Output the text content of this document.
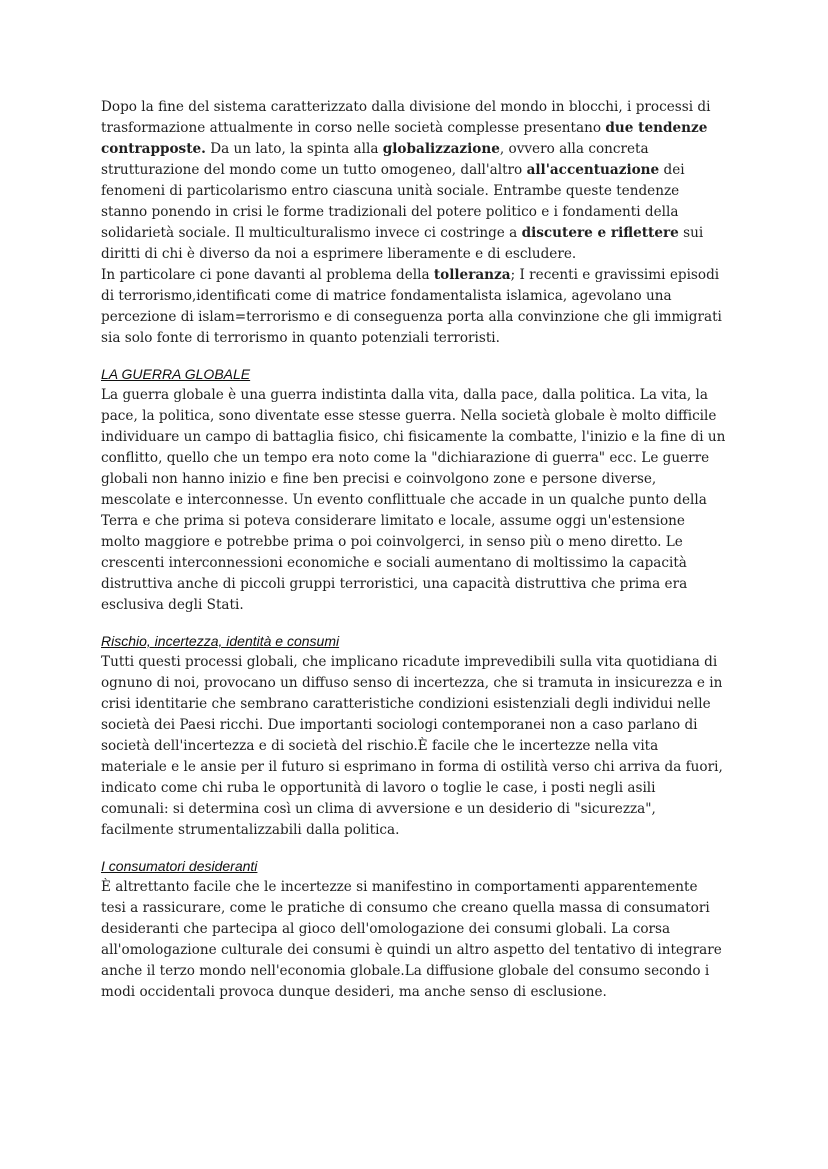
Dopo la fine del sistema caratterizzato dalla divisione del mondo in blocchi, i processi di trasformazione attualmente in corso nelle società complesse presentano due tendenze contrapposte. Da un lato, la spinta alla globalizzazione, ovvero alla concreta strutturazione del mondo come un tutto omogeneo, dall'altro all'accentuazione dei fenomeni di particolarismo entro ciascuna unità sociale. Entrambe queste tendenze stanno ponendo in crisi le forme tradizionali del potere politico e i fondamenti della solidarietà sociale. Il multiculturalismo invece ci costringe a discutere e riflettere sui diritti di chi è diverso da noi a esprimere liberamente e di escludere.

In particolare ci pone davanti al problema della tolleranza; I recenti e gravissimi episodi di terrorismo,identificati come di matrice fondamentalista islamica, agevolano una percezione di islam=terrorismo e di conseguenza porta alla convinzione che gli immigrati sia solo fonte di terrorismo in quanto potenziali terroristi.

LA GUERRA GLOBALE

La guerra globale è una guerra indistinta dalla vita, dalla pace, dalla politica. La vita, la pace, la politica, sono diventate esse stesse guerra. Nella società globale è molto difficile individuare un campo di battaglia fisico, chi fisicamente la combatte, l'inizio e la fine di un conflitto, quello che un tempo era noto come la "dichiarazione di guerra" ecc. Le guerre globali non hanno inizio e fine ben precisi e coinvolgono zone e persone diverse, mescolate e interconnesse. Un evento conflittuale che accade in un qualche punto della Terra e che prima si poteva considerare limitato e locale, assume oggi un'estensione molto maggiore e potrebbe prima o poi coinvolgerci, in senso più o meno diretto. Le crescenti interconnessioni economiche e sociali aumentano di moltissimo la capacità distruttiva anche di piccoli gruppi terroristici, una capacità distruttiva che prima era esclusiva degli Stati.

Rischio, incertezza, identità e consumi

Tutti questi processi globali, che implicano ricadute imprevedibili sulla vita quotidiana di ognuno di noi, provocano un diffuso senso di incertezza, che si tramuta in insicurezza e in crisi identitarie che sembrano caratteristiche condizioni esistenziali degli individui nelle società dei Paesi ricchi. Due importanti sociologi contemporanei non a caso parlano di società dell'incertezza e di società del rischio.È facile che le incertezze nella vita materiale e le ansie per il futuro si esprimano in forma di ostilità verso chi arriva da fuori, indicato come chi ruba le opportunità di lavoro o toglie le case, i posti negli asili comunali: si determina così un clima di avversione e un desiderio di "sicurezza", facilmente strumentalizzabili dalla politica.

I consumatori desideranti

È altrettanto facile che le incertezze si manifestino in comportamenti apparentemente tesi a rassicurare, come le pratiche di consumo che creano quella massa di consumatori desideranti che partecipa al gioco dell'omologazione dei consumi globali. La corsa all'omologazione culturale dei consumi è quindi un altro aspetto del tentativo di integrare anche il terzo mondo nell'economia globale.La diffusione globale del consumo secondo i modi occidentali provoca dunque desideri, ma anche senso di esclusione.
